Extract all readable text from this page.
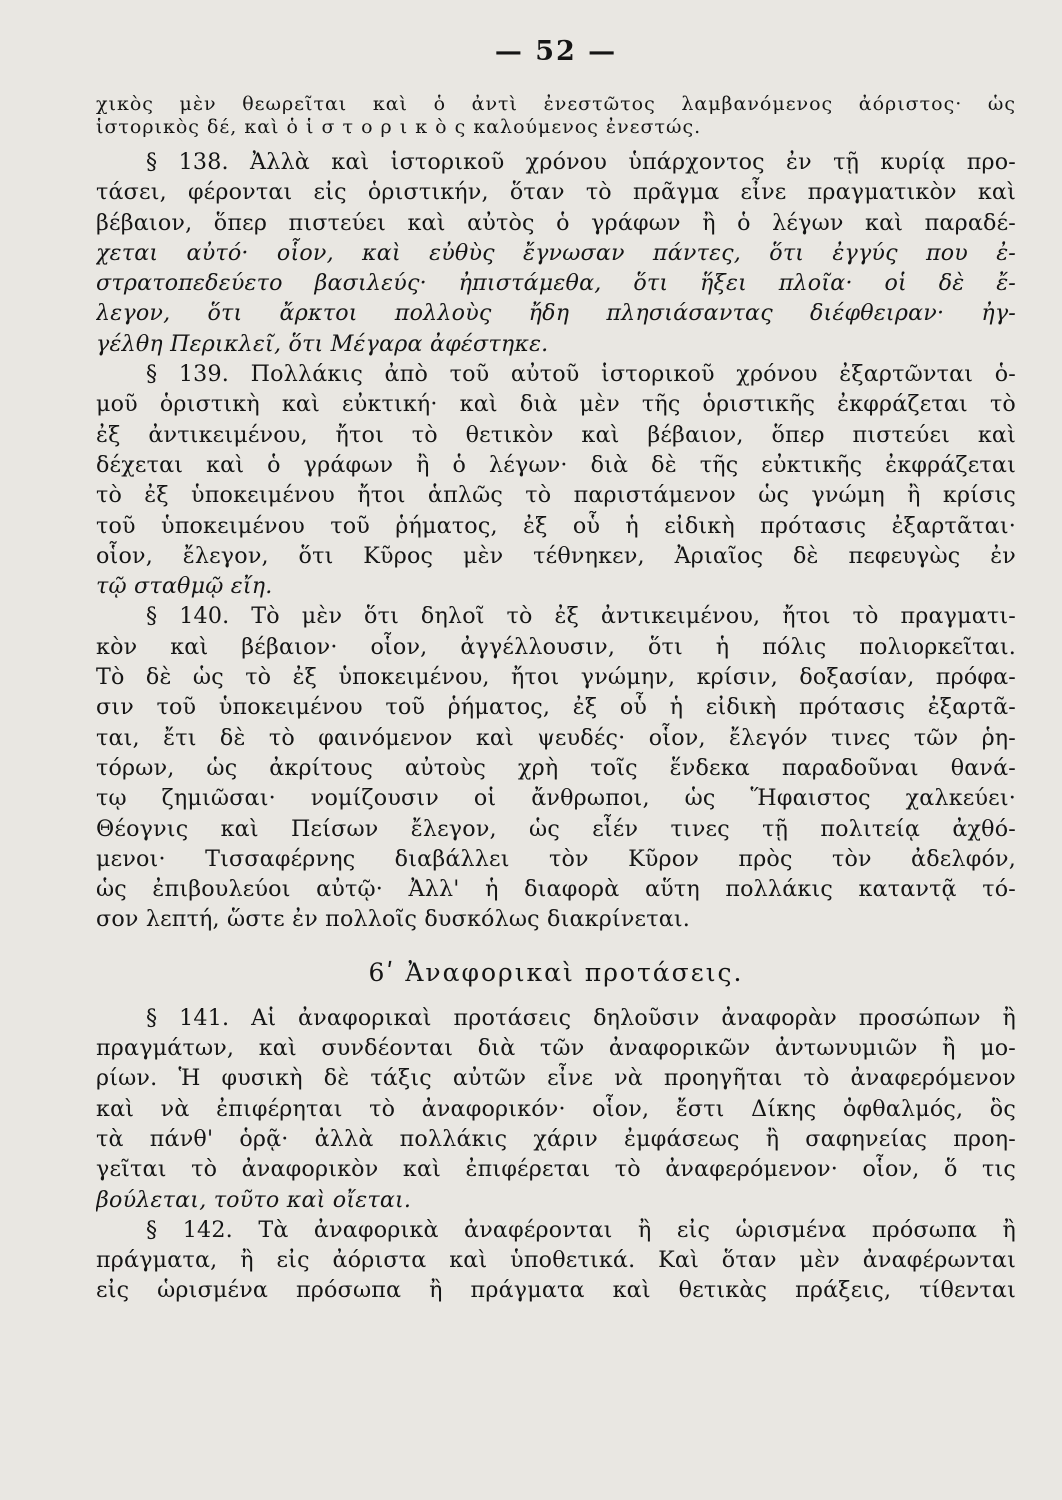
— 52 —
χικὸς μὲν θεωρεῖται καὶ ὁ ἀντὶ ἐνεστῶτος λαμβανόμενος ἀόριστος· ὡς
ἱστορικὸς δέ, καὶ ὁ ἱ σ τ ο ρ ι κ ὸ ς καλούμενος ἐνεστώς.
§ 138. Ἀλλὰ καὶ ἱστορικοῦ χρόνου ὑπάρχοντος ἐν τῇ κυρίᾳ προ-
τάσει, φέρονται εἰς ὁριστικήν, ὅταν τὸ πρᾶγμα εἶνε πραγματικὸν καὶ
βέβαιον, ὅπερ πιστεύει καὶ αὐτὸς ὁ γράφων ἢ ὁ λέγων καὶ παραδέ-
χεται αὐτό· οἷον, καὶ εὐθὺς ἔγνωσαν πάντες, ὅτι ἐγγύς που ἐ-
στρατοπεδεύετο βασιλεύς· ἠπιστάμεθα, ὅτι ἥξει πλοῖα· οἱ δὲ ἔ-
λεγον, ὅτι ἄρκτοι πολλοὺς ἤδη πλησιάσαντας διέφθειραν· ἠγ-
γέλθη Περικλεῖ, ὅτι Μέγαρα ἀφέστηκε.
§ 139. Πολλάκις ἀπὸ τοῦ αὐτοῦ ἱστορικοῦ χρόνου ἐξαρτῶνται ὁ-
μοῦ ὁριστικὴ καὶ εὐκτική· καὶ διὰ μὲν τῆς ὁριστικῆς ἐκφράζεται τὸ
ἐξ ἀντικειμένου, ἤτοι τὸ θετικὸν καὶ βέβαιον, ὅπερ πιστεύει καὶ
δέχεται καὶ ὁ γράφων ἢ ὁ λέγων· διὰ δὲ τῆς εὐκτικῆς ἐκφράζεται
τὸ ἐξ ὑποκειμένου ἤτοι ἁπλῶς τὸ παριστάμενον ὡς γνώμη ἢ κρίσις
τοῦ ὑποκειμένου τοῦ ῥήματος, ἐξ οὗ ἡ εἰδικὴ πρότασις ἐξαρτᾶται·
οἷον, ἔλεγον, ὅτι Κῦρος μὲν τέθνηκεν, Ἀριαῖος δὲ πεφευγὼς ἐν
τῷ σταθμῷ εἴη.
§ 140. Τὸ μὲν ὅτι δηλοῖ τὸ ἐξ ἀντικειμένου, ἤτοι τὸ πραγματι-
κὸν καὶ βέβαιον· οἷον, ἀγγέλλουσιν, ὅτι ἡ πόλις πολιορκεῖται.
Τὸ δὲ ὡς τὸ ἐξ ὑποκειμένου, ἤτοι γνώμην, κρίσιν, δοξασίαν, πρόφα-
σιν τοῦ ὑποκειμένου τοῦ ῥήματος, ἐξ οὗ ἡ εἰδικὴ πρότασις ἐξαρτᾶ-
ται, ἔτι δὲ τὸ φαινόμενον καὶ ψευδές· οἷον, ἔλεγόν τινες τῶν ῥη-
τόρων, ὡς ἀκρίτους αὐτοὺς χρὴ τοῖς ἕνδεκα παραδοῦναι θανά-
τῳ ζημιῶσαι· νομίζουσιν οἱ ἄνθρωποι, ὡς Ἥφαιστος χαλκεύει·
Θέογνις καὶ Πείσων ἔλεγον, ὡς εἶέν τινες τῇ πολιτείᾳ ἀχθό-
μενοι· Τισσαφέρνης διαβάλλει τὸν Κῦρον πρὸς τὸν ἀδελφόν,
ὡς ἐπιβουλεύοι αὐτῷ· Ἀλλ' ἡ διαφορὰ αὕτη πολλάκις καταντᾷ τό-
σον λεπτή, ὥστε ἐν πολλοῖς δυσκόλως διακρίνεται.
6ʹ Ἀναφορικαὶ προτάσεις.
§ 141. Αἱ ἀναφορικαὶ προτάσεις δηλοῦσιν ἀναφορὰν προσώπων ἢ
πραγμάτων, καὶ συνδέονται διὰ τῶν ἀναφορικῶν ἀντωνυμιῶν ἢ μο-
ρίων. Ἡ φυσικὴ δὲ τάξις αὐτῶν εἶνε νὰ προηγῆται τὸ ἀναφερόμενον
καὶ νὰ ἐπιφέρηται τὸ ἀναφορικόν· οἷον, ἔστι Δίκης ὀφθαλμός, ὃς
τὰ πάνθ' ὁρᾷ· ἀλλὰ πολλάκις χάριν ἐμφάσεως ἢ σαφηνείας προη-
γεῖται τὸ ἀναφορικὸν καὶ ἐπιφέρεται τὸ ἀναφερόμενον· οἷον, ὅ τις
βούλεται, τοῦτο καὶ οἴεται.
§ 142. Τὰ ἀναφορικὰ ἀναφέρονται ἢ εἰς ὡρισμένα πρόσωπα ἢ
πράγματα, ἢ εἰς ἀόριστα καὶ ὑποθετικά. Καὶ ὅταν μὲν ἀναφέρωνται
εἰς ὡρισμένα πρόσωπα ἢ πράγματα καὶ θετικὰς πράξεις, τίθενται
